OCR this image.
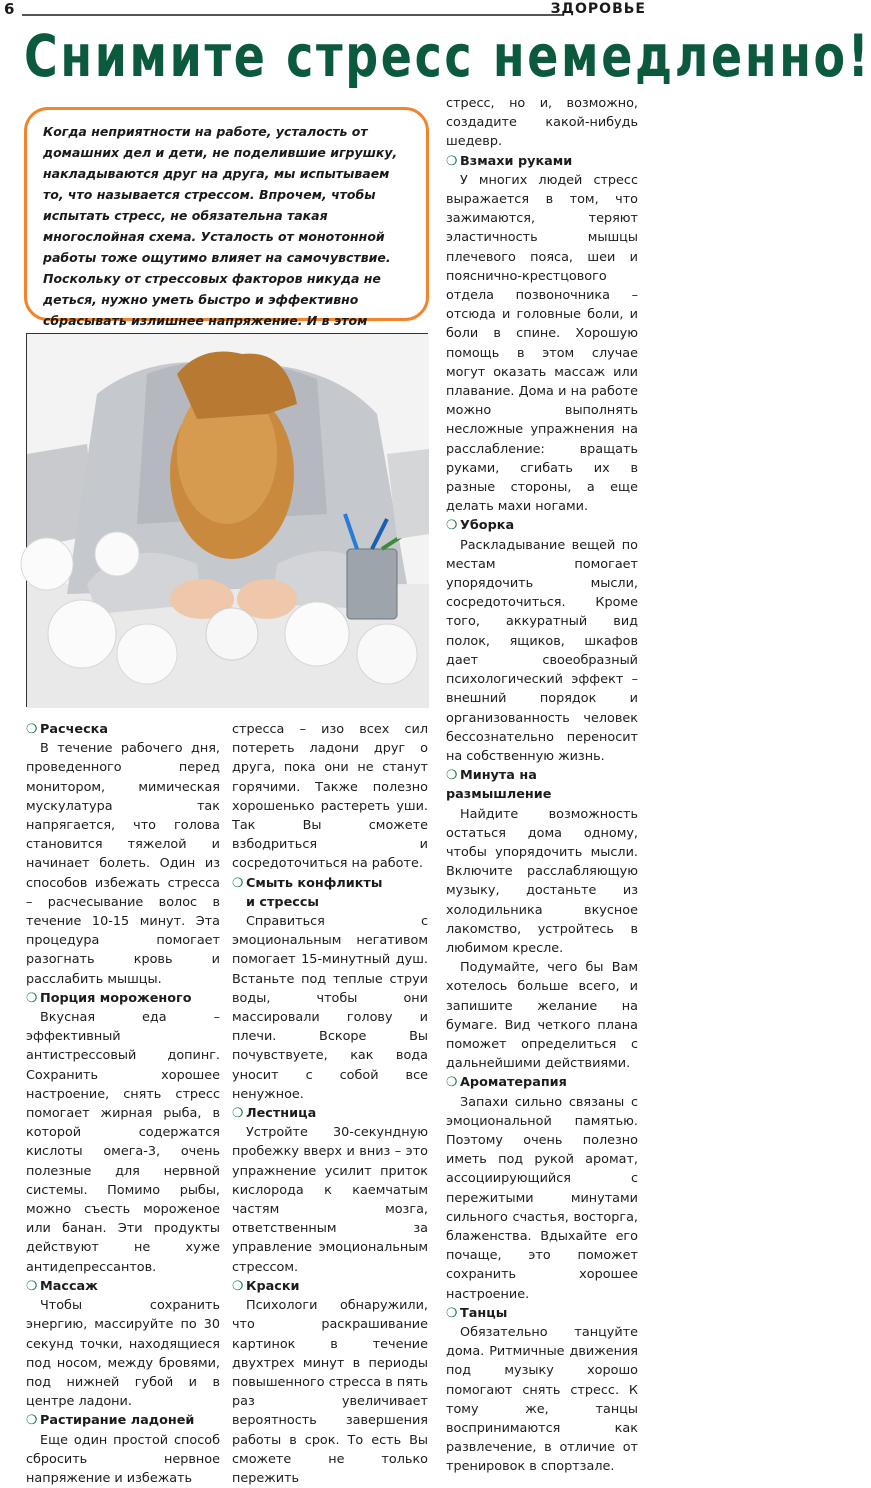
6	ЗДОРОВЬЕ
Снимите стресс немедленно!
Когда неприятности на работе, усталость от домашних дел и дети, не поделившие игрушку, накладываются друг на друга, мы испытываем то, что называется стрессом. Впрочем, чтобы испытать стресс, не обязательна такая многослойная схема. Усталость от монотонной работы тоже ощутимо влияет на самочувствие. Поскольку от стрессовых факторов никуда не деться, нужно уметь быстро и эффективно сбрасывать излишнее напряжение. И в этом
❍ Расческа

В течение рабочего дня, проведенного перед монитором, мимическая мускулатура так напрягается, что голова становится тяжелой и начинает болеть. Один из способов избежать стресса – расчесывание волос в течение 10-15 минут. Эта процедура помогает разогнать кровь и расслабить мышцы.

❍ Порция мороженого

Вкусная еда – эффективный антистрессовый допинг. Сохранить хорошее настроение, снять стресс помогает жирная рыба, в которой содержатся кислоты омега-3, очень полезные для нервной системы. Помимо рыбы, можно съесть мороженое или банан. Эти продукты действуют не хуже антидепрессантов.

❍ Массаж

Чтобы сохранить энергию, массируйте по 30 секунд точки, находящиеся под носом, между бровями, под нижней губой и в центре ладони.

❍ Растирание ладоней

Еще один простой способ сбросить нервное напряжение и избежать

стресса – изо всех сил потереть ладони друг о друга, пока они не станут горячими. Также полезно хорошенько растереть уши. Так Вы сможете взбодриться и сосредоточиться на работе.

❍ Смыть конфликты
и стрессы

Справиться с эмоциональным негативом помогает 15-минутный душ. Встаньте под теплые струи воды, чтобы они массировали голову и плечи. Вскоре Вы почувствуете, как вода уносит с собой все ненужное.

❍ Лестница

Устройте 30-секундную пробежку вверх и вниз – это упражнение усилит приток кислорода к каемчатым частям мозга, ответственным за управление эмоциональным стрессом.

❍ Краски

Психологи обнаружили, что раскрашивание картинок в течение двухтрех минут в периоды повышенного стресса в пять раз увеличивает вероятность завершения работы в срок. То есть Вы сможете не только пережить

стресс, но и, возможно, создадите какой-нибудь шедевр.

❍ Взмахи руками

У многих людей стресс выражается в том, что зажимаются, теряют эластичность мышцы плечевого пояса, шеи и пояснично-крестцового отдела позвоночника – отсюда и головные боли, и боли в спине. Хорошую помощь в этом случае могут оказать массаж или плавание. Дома и на работе можно выполнять несложные упражнения на расслабление: вращать руками, сгибать их в разные стороны, а еще делать махи ногами.

❍ Уборка

Раскладывание вещей по местам помогает упорядочить мысли, сосредоточиться. Кроме того, аккуратный вид полок, ящиков, шкафов дает своеобразный психологический эффект – внешний порядок и организованность человек бессознательно переносит на собственную жизнь.

❍ Минута на размышление

Найдите возможность остаться дома одному, чтобы упорядочить мысли. Включите расслабляющую музыку, достаньте из холодильника вкусное лакомство, устройтесь в любимом кресле.

Подумайте, чего бы Вам хотелось больше всего, и запишите желание на бумаге. Вид четкого плана поможет определиться с дальнейшими действиями.

❍ Ароматерапия

Запахи сильно связаны с эмоциональной памятью. Поэтому очень полезно иметь под рукой аромат, ассоциирующийся с пережитыми минутами сильного счастья, восторга, блаженства. Вдыхайте его почаще, это поможет сохранить хорошее настроение.

❍ Танцы

Обязательно танцуйте дома. Ритмичные движения под музыку хорошо помогают снять стресс. К тому же, танцы воспринимаются как развлечение, в отличие от тренировок в спортзале.
